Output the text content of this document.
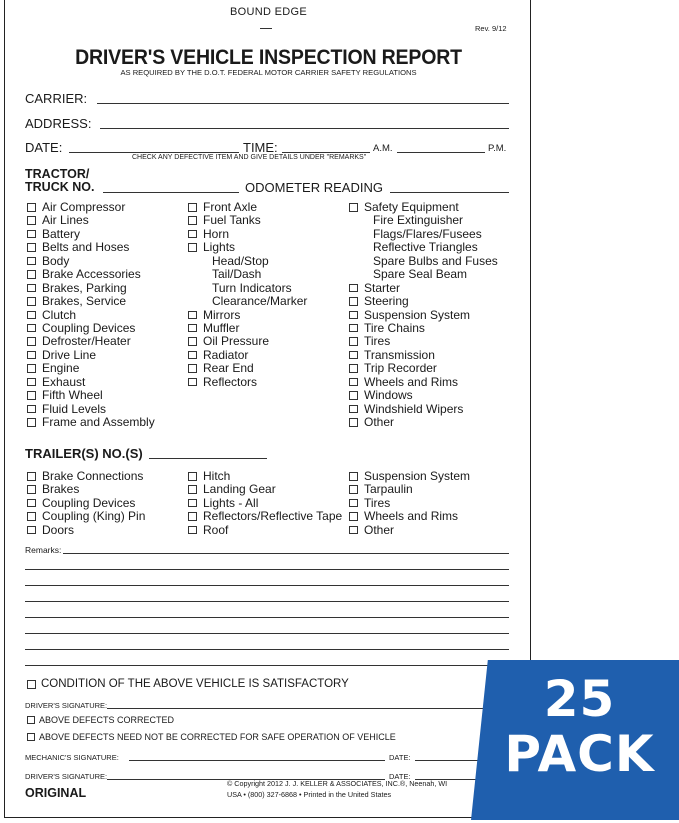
BOUND EDGE
Rev. 9/12
DRIVER'S VEHICLE INSPECTION REPORT
AS REQUIRED BY THE D.O.T. FEDERAL MOTOR CARRIER SAFETY REGULATIONS
CARRIER:
ADDRESS:
DATE:	TIME:	A.M.	P.M.
CHECK ANY DEFECTIVE ITEM AND GIVE DETAILS UNDER "REMARKS"
TRACTOR/
TRUCK NO.	ODOMETER READING
Air Compressor
Air Lines
Battery
Belts and Hoses
Body
Brake Accessories
Brakes, Parking
Brakes, Service
Clutch
Coupling Devices
Defroster/Heater
Drive Line
Engine
Exhaust
Fifth Wheel
Fluid Levels
Frame and Assembly
Front Axle
Fuel Tanks
Horn
Lights
Head/Stop
Tail/Dash
Turn Indicators
Clearance/Marker
Mirrors
Muffler
Oil Pressure
Radiator
Rear End
Reflectors
Safety Equipment
Fire Extinguisher
Flags/Flares/Fusees
Reflective Triangles
Spare Bulbs and Fuses
Spare Seal Beam
Starter
Steering
Suspension System
Tire Chains
Tires
Transmission
Trip Recorder
Wheels and Rims
Windows
Windshield Wipers
Other
TRAILER(S) NO.(S)
Brake Connections
Brakes
Coupling Devices
Coupling (King) Pin
Doors
Hitch
Landing Gear
Lights - All
Reflectors/Reflective Tape
Roof
Suspension System
Tarpaulin
Tires
Wheels and Rims
Other
Remarks:
CONDITION OF THE ABOVE VEHICLE IS SATISFACTORY
DRIVER'S SIGNATURE:
ABOVE DEFECTS CORRECTED
ABOVE DEFECTS NEED NOT BE CORRECTED FOR SAFE OPERATION OF VEHICLE
MECHANIC'S SIGNATURE:	DATE:
DRIVER'S SIGNATURE:	DATE:
ORIGINAL
© Copyright 2012 J. J. KELLER & ASSOCIATES, INC.®, Neenah, WI
USA • (800) 327-6868 • Printed in the United States
25
PACK
